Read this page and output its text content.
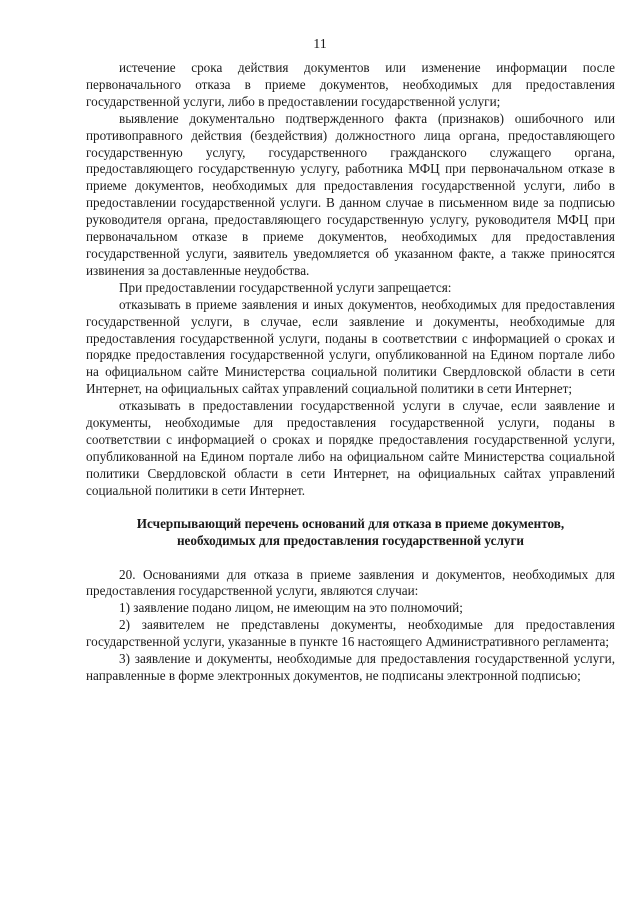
11

истечение срока действия документов или изменение информации после первоначального отказа в приеме документов, необходимых для предоставления государственной услуги, либо в предоставлении государственной услуги;

выявление документально подтвержденного факта (признаков) ошибочного или противоправного действия (бездействия) должностного лица органа, предоставляющего государственную услугу, государственного гражданского служащего органа, предоставляющего государственную услугу, работника МФЦ при первоначальном отказе в приеме документов, необходимых для предоставления государственной услуги, либо в предоставлении государственной услуги. В данном случае в письменном виде за подписью руководителя органа, предоставляющего государственную услугу, руководителя МФЦ при первоначальном отказе в приеме документов, необходимых для предоставления государственной услуги, заявитель уведомляется об указанном факте, а также приносятся извинения за доставленные неудобства.

При предоставлении государственной услуги запрещается:

отказывать в приеме заявления и иных документов, необходимых для предоставления государственной услуги, в случае, если заявление и документы, необходимые для предоставления государственной услуги, поданы в соответствии с информацией о сроках и порядке предоставления государственной услуги, опубликованной на Едином портале либо на официальном сайте Министерства социальной политики Свердловской области в сети Интернет, на официальных сайтах управлений социальной политики в сети Интернет;

отказывать в предоставлении государственной услуги в случае, если заявление и документы, необходимые для предоставления государственной услуги, поданы в соответствии с информацией о сроках и порядке предоставления государственной услуги, опубликованной на Едином портале либо на официальном сайте Министерства социальной политики Свердловской области в сети Интернет, на официальных сайтах управлений социальной политики в сети Интернет.

Исчерпывающий перечень оснований для отказа в приеме документов,
необходимых для предоставления государственной услуги

20. Основаниями для отказа в приеме заявления и документов, необходимых для предоставления государственной услуги, являются случаи:

1) заявление подано лицом, не имеющим на это полномочий;

2) заявителем не представлены документы, необходимые для предоставления государственной услуги, указанные в пункте 16 настоящего Административного регламента;

3) заявление и документы, необходимые для предоставления государственной услуги, направленные в форме электронных документов, не подписаны электронной подписью;
